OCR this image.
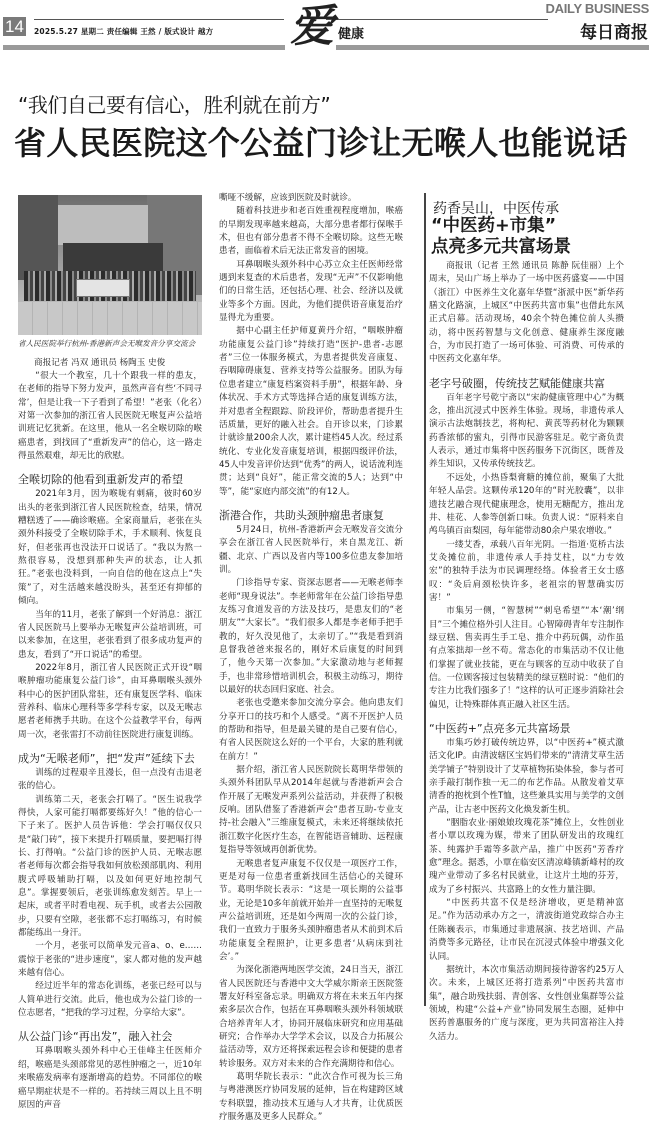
14 2025.5.27 星期二 责任编辑 王然 / 版式设计 越方 爱 健康
DAILY BUSINESS
每日商报
“我们自己要有信心，胜利就在前方”
省人民医院这个公益门诊让无喉人也能说话
省人民医院举行杭州-香港新声会无喉发音分享交流会
商报记者 冯双 通讯员 杨陶玉 史俊

“很大一个教室，几十个跟我一样的患友，在老师的指导下努力发声，虽然声音有些‘不同寻常’，但是让我一下子看到了希望！”老张（化名）对第一次参加的浙江省人民医院无喉复声公益培训班记忆犹新。在这里，他从一名全喉切除的喉癌患者，到找回了“重新发声”的信心，这一路走得虽然艰难，却无比的欣慰。

全喉切除的他看到重新发声的希望

2021年3月，因为喉咙有刺痛，彼时60岁出头的老张到浙江省人民医院检查，结果，情况糟糕透了——确诊喉癌。全家商量后，老张在头颈外科接受了全喉切除手术，手术顺利、恢复良好，但老张再也没法开口说话了。“我以为熬一熬很容易，没想到那种失声的状态，让人抓狂。”老张也没料到，一向自信的他在这点上“失策”了，对生活越来越没盼头，甚至还有抑郁的倾向。

当年的11月，老张了解到一个好消息：浙江省人民医院马上要举办无喉复声公益培训班，可以来参加，在这里，老张看到了很多成功复声的患友，看到了“开口说话”的希望。

2022年8月，浙江省人民医院正式开设“咽喉肿瘤功能康复公益门诊”，由耳鼻咽喉头颈外科中心的医护团队常驻，还有康复医学科、临床营养科、临床心理科等多学科专家，以及无喉志愿者老师携手共助。在这个公益教学平台，每两周一次，老张雷打不动前往医院进行康复训练。

成为“无喉老师”，把“发声”延续下去

训练的过程艰辛且漫长，但一点没有击退老张的信心。

训练第二天，老张会打嗝了。“医生说我学得快，人家可能打嗝都要练好久！”他的信心一下子来了。医护人员告诉他：学会打嗝仅仅只是“敲门砖”，接下来提升打嗝质量，要把嗝打得长、打得响。“公益门诊的医护人员、无喉志愿者老师每次都会指导我如何放松颈部肌肉、利用腹式呼吸辅助打嗝，以及如何更好地控制气息”。掌握要领后，老张训练愈发刻苦。早上一起床，或者平时看电视、玩手机，或者去公园散步，只要有空隙，老张都不忘打嗝练习，有时候都能练出一身汗。

一个月，老张可以简单发元音a、o、e……震惊于老张的“进步速度”，家人都对他的发声越来越有信心。

经过近半年的常态化训练，老张已经可以与人简单进行交流。此后，他也成为公益门诊的一位志愿者，“把我的学习过程，分享给大家”。

从公益门诊“再出发”，融入社会

耳鼻咽喉头颈外科中心王佳峰主任医师介绍，喉癌是头颈部常见的恶性肿瘤之一，近10年来喉癌发病率有逐渐增高的趋势。不同部位的喉癌早期症状是不一样的。若持续三周以上且不明原因的声音

嘶哑不缓解，应该到医院及时就诊。

随着科技进步和老百姓重视程度增加，喉癌的早期发现率越来越高，大部分患者都行保喉手术，但也有部分患者不得不全喉切除。这些无喉患者，面临着术后无法正常发音的困境。

耳鼻咽喉头颈外科中心苏立众主任医师经常遇到来复查的术后患者，发现“无声”不仅影响他们的日常生活，还包括心理、社会、经济以及就业等多个方面。因此，为他们提供语音康复治疗显得尤为重要。

据中心副主任护师夏黄丹介绍，“咽喉肿瘤功能康复公益门诊”持续打造“医护-患者-志愿者”三位一体服务模式，为患者提供发音康复、吞咽障碍康复、营养支持等公益服务。团队为每位患者建立“康复档案资料手册”，根据年龄、身体状况、手术方式等选择合适的康复训练方法，并对患者全程跟踪、阶段评价，帮助患者提升生活质量，更好的融入社会。自开诊以来，门诊累计就诊量200余人次，累计建档45人次。经过系统化、专业化发音康复培训，根据四级评价法，45人中发音评价达到“优秀”的两人，说话流利连贯；达到“良好”，能正常交流的5人；达到“中等”，能“家庭内部交流”的有12人。

浙港合作，共助头颈肿瘤患者康复

5月24日，杭州-香港新声会无喉发音交流分享会在浙江省人民医院举行，来自黑龙江、新疆、北京、广西以及省内等100多位患友参加培训。

门诊指导专家、资深志愿者——无喉老师李老师“现身说法”。李老师常年在公益门诊指导患友练习食道发音的方法及技巧，是患友们的“老朋友”“大家长”。“我们很多人都是李老师手把手教的，好久没见他了，太亲切了。”“我是看到消息督我爸爸来报名的，刚好术后康复的时间到了，他今天第一次参加。”大家激动地与老师握手，也非常珍惜培训机会，积极主动练习，期待以最好的状态回归家庭、社会。

老张也受邀来参加交流分享会。他向患友们分享开口的技巧和个人感受。“离不开医护人员的帮助和指导，但是最关键的是自己要有信心，有省人民医院这么好的一个平台，大家的胜利就在前方！”

据介绍，浙江省人民医院院长葛明华带领的头颈外科团队早从2014年起就与香港新声会合作开展了无喉发声系列公益活动，并获得了积极反响。团队借鉴了香港新声会“患者互助-专业支持-社会融入”三维康复模式，未来还将继续依托浙江数字化医疗生态，在智能语音辅助、远程康复指导等领域再创新优势。

无喉患者复声康复不仅仅是一项医疗工作，更是对每一位患者重新找回生活信心的关键环节。葛明华院长表示：“这是一项长期的公益事业，无论是10多年前就开始并一直坚持的无喉复声公益培训班，还是如今两周一次的公益门诊，我们一直致力于服务头颈肿瘤患者从术前到术后功能康复全程照护，让更多患者‘从病床到社会’。”

为深化浙港两地医学交流，24日当天，浙江省人民医院还与香港中文大学威尔斯亲王医院签署友好科室备忘录。明确双方将在未来五年内探索多层次合作，包括在耳鼻咽喉头颈外科领域联合培养青年人才，协同开展临床研究和应用基础研究；合作举办大学学术会议，以及合力拓展公益活动等，双方还将探索远程会诊和便捷的患者转诊服务。双方对未来的合作充满期待和信心。

葛明华院长表示：“此次合作可视为长三角与粤港澳医疗协同发展的延伸，旨在构建跨区域专科联盟，推动技术互通与人才共育，让优质医疗服务惠及更多人民群众。”

药香吴山，中医传承
“中医药+市集”
点亮多元共富场景

商报讯（记者 王然 通讯员 陈静 阮佳丽）上个周末，吴山广场上举办了一场中医药盛宴——中国（浙江）中医养生文化嘉年华暨“浙派中医”新华药膳文化路演，上城区“中医药共富市集”也借此东风正式启幕。活动现场，40余个特色摊位前人头攒动，将中医药智慧与文化创意、健康养生深度融合，为市民打造了一场可体验、可消费、可传承的中医药文化嘉年华。

老字号破圈，传统技艺赋能健康共富

百年老字号乾宁斋以“宋韵健康管理中心”为概念，推出沉浸式中医养生体验。现场，非遗传承人演示古法炮制技艺，将枸杞、黄芪等药材化为颗颗药香浓郁的蜜丸，引得市民游客驻足。乾宁斋负责人表示，通过市集将中医药服务下沉街区，既普及养生知识，又传承传统技艺。

不远处，小热昏梨膏糖的摊位前，聚集了大批年轻人品尝。这颗传承120年的“时光胶囊”，以非遗技艺融合现代健康理念，使用无糖配方，推出龙井、桂花、人参等创新口味。负责人说：“原料来自鸬鸟镇百亩梨园，每年能带动80余户果农增收。”

一缕艾香，承载八百年光阴。一指道·览桥古法艾灸摊位前，非遗传承人手持艾柱，以“力专效宏”的独特手法为市民调理经络。体验者王女士感叹：“灸后肩颈松快许多，老祖宗的智慧确实厉害！”

市集另一侧，“智慧树”“刺皂希望”“本‘潮’纲目”三个摊位格外引人注目。心智障碍青年专注制作绿豆糕、售卖再生手工皂、推介中药玩偶，动作虽有点笨拙却一丝不苟。常态化的市集活动不仅让他们掌握了就业技能，更在与顾客的互动中收获了自信。一位顾客接过包装精美的绿豆糕时说：“他们的专注力比我们强多了！”这样的认可正逐步消除社会偏见，让特殊群体真正融入社区生活。

“中医药+”点亮多元共富场景

市集巧妙打破传统边界，以“中医药+”模式激活文化IP。由清波辖区宝妈们带来的“清清艾草生活美学铺子”特别设计了艾草植物拓染体验，参与者可亲手敲打制作独一无二的布艺作品。从散发着艾草清香的抱枕到个性T恤，这些兼具实用与美学的文创产品，让古老中医药文化焕发新生机。

“胭脂农业·丽娘娘玫瑰花茶”摊位上，女性创业者小覃以玫瑰为媒，带来了团队研发出的玫瑰红茶、纯露护手霜等多款产品，推广中医药“芳香疗愈”理念。据悉，小覃在临安区清凉峰镇新峰村的玫瑰产业带动了多名村民就业，让这片土地的芬芳，成为了乡村振兴、共富路上的女性力量注脚。

“中医药共富不仅是经济增收，更是精神富足。”作为活动承办方之一，清波街道党政综合办主任陈巍表示，市集通过非遗展演、技艺培训、产品消费等多元路径，让市民在沉浸式体验中增强文化认同。

据统计，本次市集活动期间接待游客约25万人次。未来，上城区还将打造系列“中医药共富市集”，融合助残扶弱、青创客、女性创业集群等公益领域，构建“公益+产业”协同发展生态圈，延伸中医药普惠服务的广度与深度，更为共同富裕注入持久活力。
